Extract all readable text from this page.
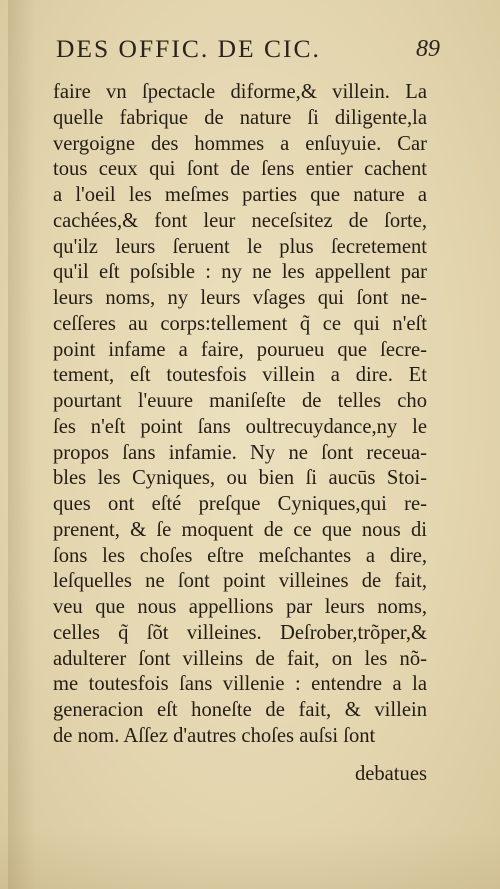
DES OFFIC. DE CIC.	89
faire vn ſpectacle diforme,& villein. La
quelle fabrique de nature ſi diligente,la
vergoigne des hommes a enſuyuie. Car
tous ceux qui ſont de ſens entier cachent
a l'oeil les meſmes parties que nature a
cachées,& font leur neceſsitez de ſorte,
qu'ilz leurs ſeruent le plus ſecretement
qu'il eſt poſsible : ny ne les appellent par
leurs noms, ny leurs vſages qui ſont ne-
ceſſeres au corps:tellement q̃ ce qui n'eſt
point infame a faire, pourueu que ſecre-
tement, eſt toutesfois villein a dire. Et
pourtant l'euure maniſeſte de telles cho
ſes n'eſt point ſans oultrecuydance,ny le
propos ſans infamie. Ny ne ſont receua-
bles les Cyniques, ou bien ſi aucūs Stoi-
ques ont eſté preſque Cyniques,qui re-
prenent, & ſe moquent de ce que nous di
ſons les choſes eſtre meſchantes a dire,
leſquelles ne ſont point villeines de fait,
veu que nous appellions par leurs noms,
celles q̃ ſõt villeines. Deſrober,trõper,&
adulterer ſont villeins de fait, on les nõ-
me toutesfois ſans villenie : entendre a la
generacion eſt honeſte de fait, & villein
de nom. Aſſez d'autres choſes auſsi ſont
debatues
